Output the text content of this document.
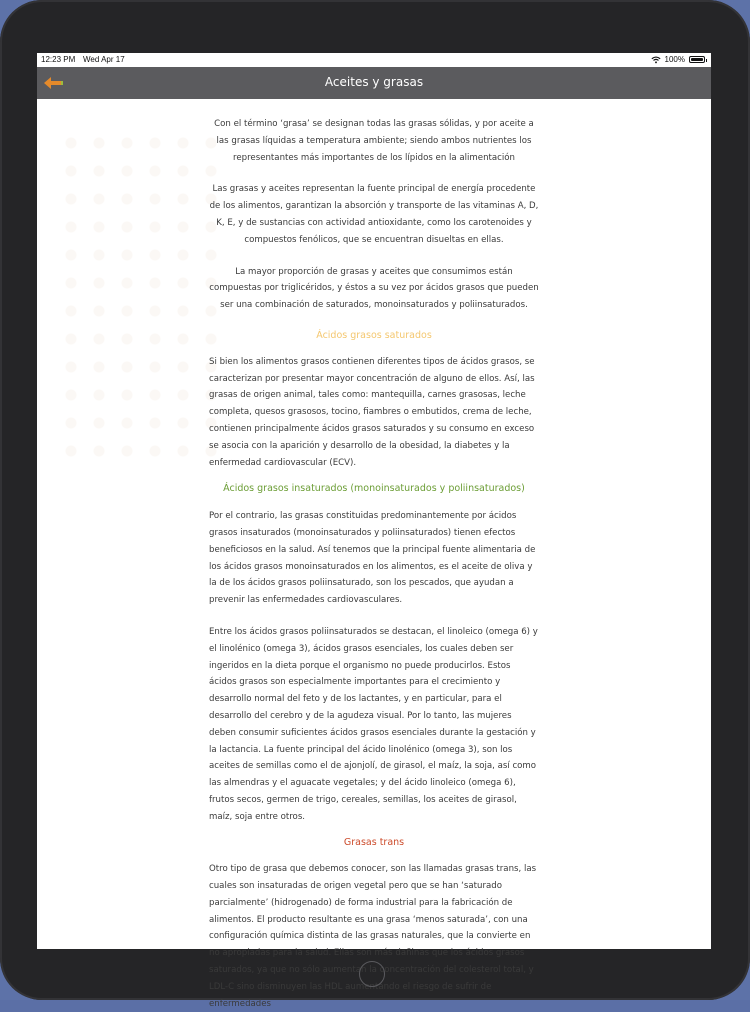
12:23 PM Wed Apr 17	100%
Aceites y grasas

Con el término ‘grasa’ se designan todas las grasas sólidas, y por aceite a las grasas líquidas a temperatura ambiente; siendo ambos nutrientes los representantes más importantes de los lípidos en la alimentación

Las grasas y aceites representan la fuente principal de energía procedente de los alimentos, garantizan la absorción y transporte de las vitaminas A, D, K, E, y de sustancias con actividad antioxidante, como los carotenoides y compuestos fenólicos, que se encuentran disueltas en ellas.

La mayor proporción de grasas y aceites que consumimos están compuestas por triglicéridos, y éstos a su vez por ácidos grasos que pueden ser una combinación de saturados, monoinsaturados y poliinsaturados.

Ácidos grasos saturados

Si bien los alimentos grasos contienen diferentes tipos de ácidos grasos, se caracterizan por presentar mayor concentración de alguno de ellos. Así, las grasas de origen animal, tales como: mantequilla, carnes grasosas, leche completa, quesos grasosos, tocino, fiambres o embutidos, crema de leche, contienen principalmente ácidos grasos saturados y su consumo en exceso se asocia con la aparición y desarrollo de la obesidad, la diabetes y la enfermedad cardiovascular (ECV).

Ácidos grasos insaturados (monoinsaturados y poliinsaturados)

Por el contrario, las grasas constituidas predominantemente por ácidos grasos insaturados (monoinsaturados y poliinsaturados) tienen efectos beneficiosos en la salud. Así tenemos que la principal fuente alimentaria de los ácidos grasos monoinsaturados en los alimentos, es el aceite de oliva y la de los ácidos grasos poliinsaturado, son los pescados, que ayudan a prevenir las enfermedades cardiovasculares.

Entre los ácidos grasos poliinsaturados se destacan, el linoleico (omega 6) y el linolénico (omega 3), ácidos grasos esenciales, los cuales deben ser ingeridos en la dieta porque el organismo no puede producirlos. Estos ácidos grasos son especialmente importantes para el crecimiento y desarrollo normal del feto y de los lactantes, y en particular, para el desarrollo del cerebro y de la agudeza visual. Por lo tanto, las mujeres deben consumir suficientes ácidos grasos esenciales durante la gestación y la lactancia. La fuente principal del ácido linolénico (omega 3), son los aceites de semillas como el de ajonjolí, de girasol, el maíz, la soja, así como las almendras y el aguacate vegetales; y del ácido linoleico (omega 6), frutos secos, germen de trigo, cereales, semillas, los aceites de girasol, maíz, soja entre otros.

Grasas trans

Otro tipo de grasa que debemos conocer, son las llamadas grasas trans, las cuales son insaturadas de origen vegetal pero que se han ‘saturado parcialmente’ (hidrogenado) de forma industrial para la fabricación de alimentos. El producto resultante es una grasa ‘menos saturada’, con una configuración química distinta de las grasas naturales, que la convierte en no apropiadas para la salud. Ellas son más dañinas que los ácidos grasos saturados, ya que no sólo aumentan la concentración del colesterol total, y LDL-C sino disminuyen las HDL aumentando el riesgo de sufrir de enfermedades
